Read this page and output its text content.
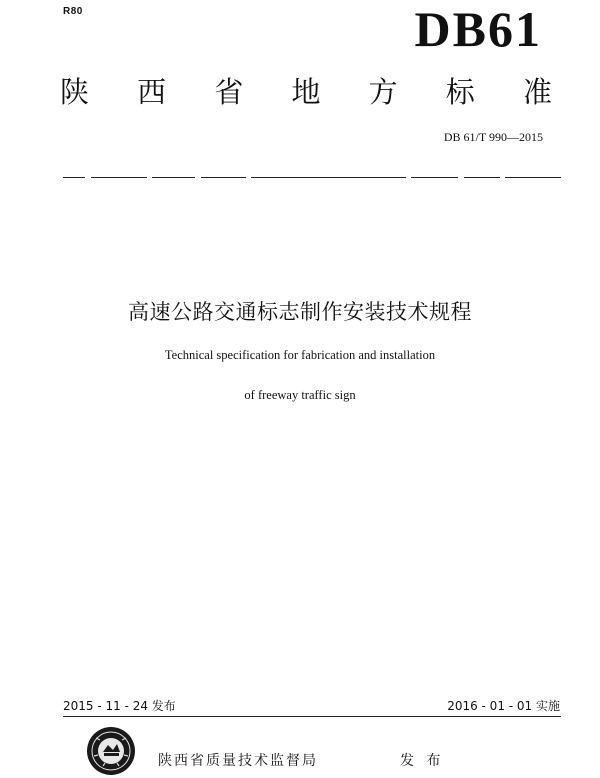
R80	DB61
陕 西 省 地 方 标 准
DB 61/T 990—2015
高速公路交通标志制作安装技术规程
Technical specification for fabrication and installation
of freeway traffic sign
2015 - 11 - 24 发布	2016 - 01 - 01 实施
陕西省质量技术监督局	发 布
